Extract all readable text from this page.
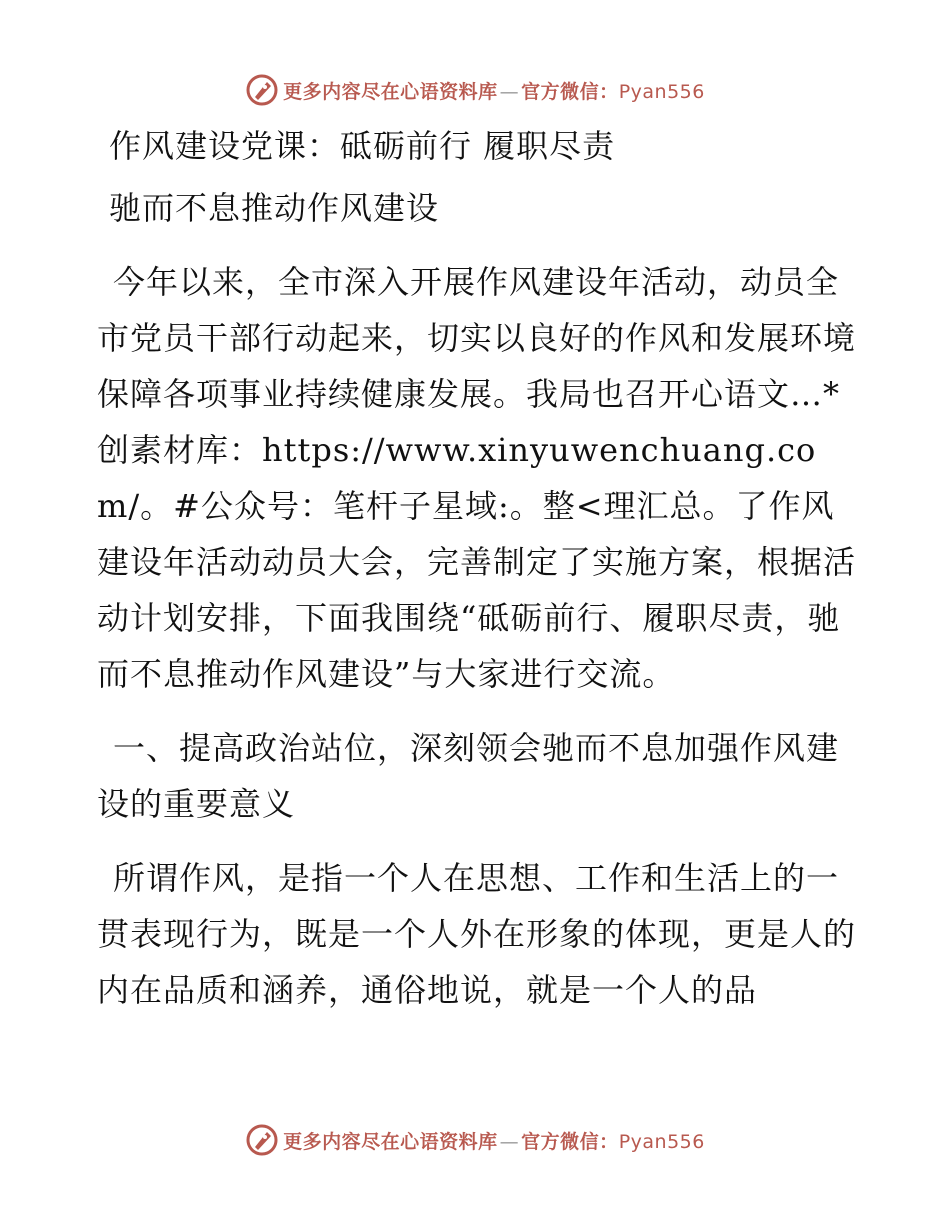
更多内容尽在心语资料库 — 官方微信：Pyan556

作风建设党课：砥砺前行 履职尽责

驰而不息推动作风建设

今年以来，全市深入开展作风建设年活动，动员全市党员干部行动起来，切实以良好的作风和发展环境保障各项事业持续健康发展。我局也召开心语文…*创素材库：https://www.xinyuwenchuang.com/。#公众号：笔杆子星域:。整<理汇总。了作风建设年活动动员大会，完善制定了实施方案，根据活动计划安排，下面我围绕“砥砺前行、履职尽责，驰而不息推动作风建设”与大家进行交流。

一、提高政治站位，深刻领会驰而不息加强作风建设的重要意义

所谓作风，是指一个人在思想、工作和生活上的一贯表现行为，既是一个人外在形象的体现，更是人的内在品质和涵养，通俗地说，就是一个人的品

更多内容尽在心语资料库 — 官方微信：Pyan556
